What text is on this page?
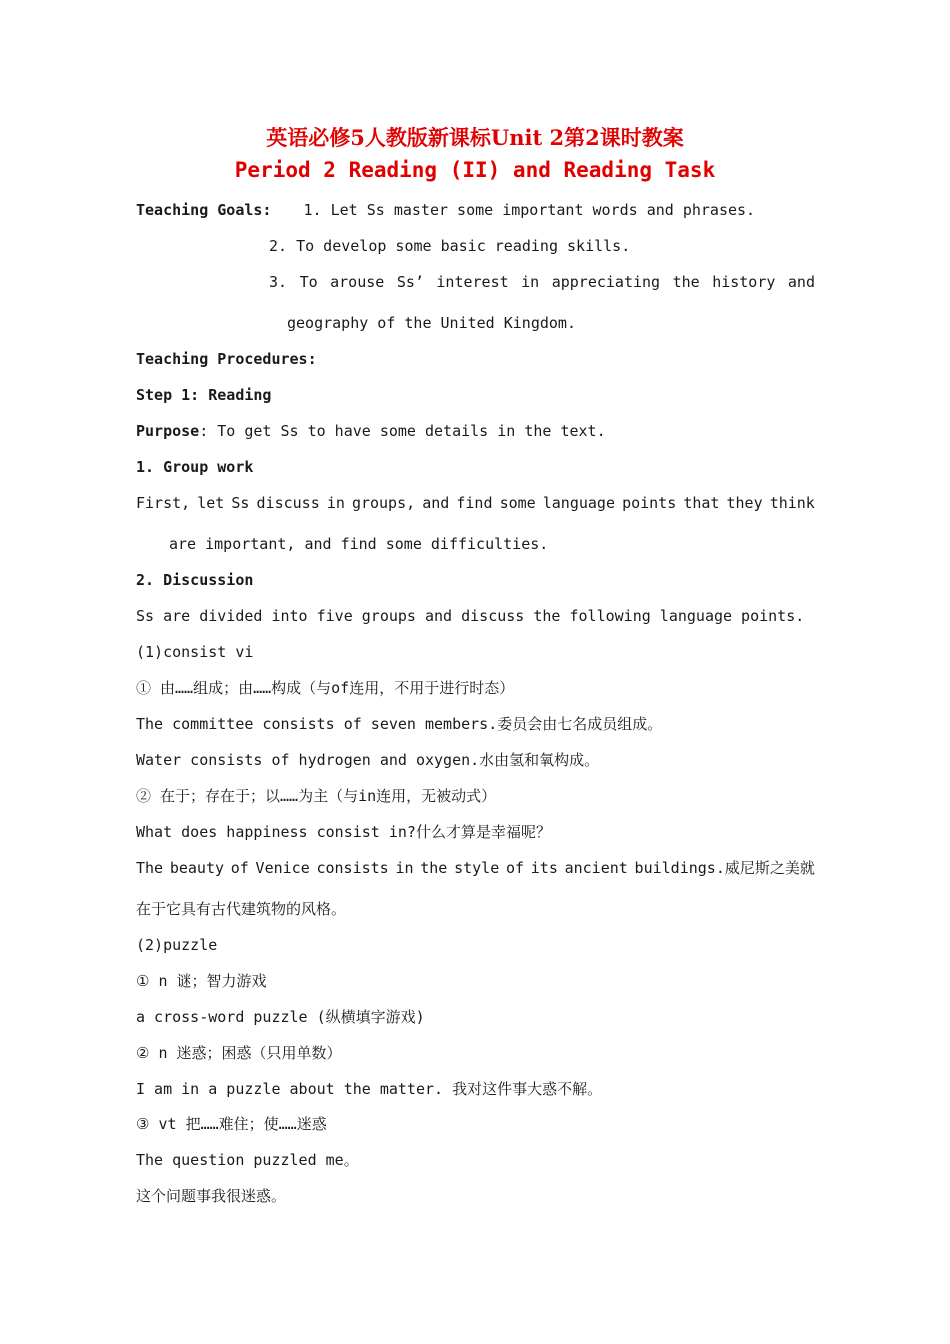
英语必修5人教版新课标Unit 2第2课时教案
Period 2 Reading (II) and Reading Task
Teaching Goals: 1. Let Ss master some important words and phrases.
2. To develop some basic reading skills.
3. To arouse Ss’ interest in appreciating the history and
geography of the United Kingdom.
Teaching Procedures:
Step 1: Reading
Purpose: To get Ss to have some details in the text.
1. Group work
First, let Ss discuss in groups, and find some language points that they think
are important, and find some difficulties.
2. Discussion
Ss are divided into five groups and discuss the following language points.
(1)consist vi
① 由……组成；由……构成（与of连用，不用于进行时态）
The committee consists of seven members.委员会由七名成员组成。
Water consists of hydrogen and oxygen.水由氢和氧构成。
② 在于；存在于；以……为主（与in连用，无被动式）
What does happiness consist in?什么才算是幸福呢？
The beauty of Venice consists in the style of its ancient buildings.威尼斯之美就
在于它具有古代建筑物的风格。
(2)puzzle
① n 谜；智力游戏
a cross-word puzzle (纵横填字游戏)
② n 迷惑；困惑（只用单数）
I am in a puzzle about the matter. 我对这件事大惑不解。
③ vt 把……难住；使……迷惑
The question puzzled me。
这个问题事我很迷惑。
